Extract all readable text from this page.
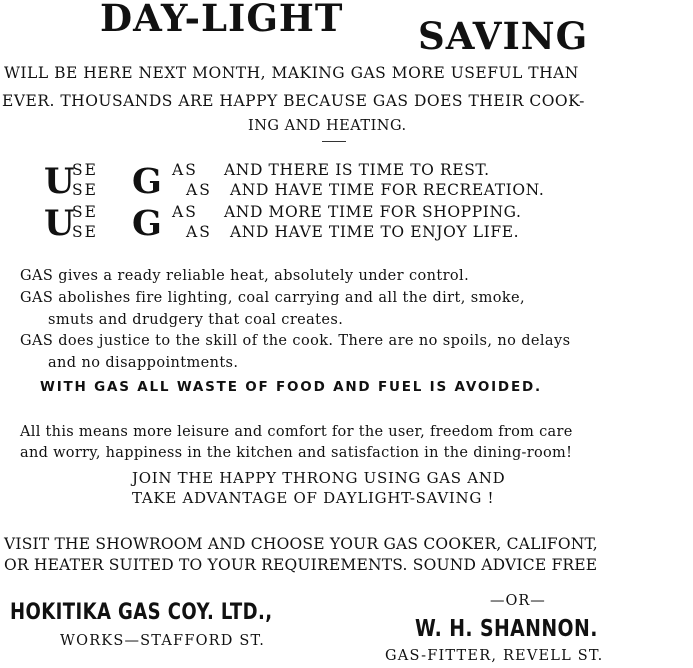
DAY-LIGHT SAVING
WILL BE HERE NEXT MONTH, MAKING GAS MORE USEFUL THAN
EVER. THOUSANDS ARE HAPPY BECAUSE GAS DOES THEIR COOK-
ING AND HEATING.
U
SE
SE G AS
AS
AND THERE IS TIME TO REST.
AND HAVE TIME FOR RECREATION.
U
SE
SE G AS
AS
AND MORE TIME FOR SHOPPING.
AND HAVE TIME TO ENJOY LIFE.
GAS gives a ready reliable heat, absolutely under control.
GAS abolishes fire lighting, coal carrying and all the dirt, smoke,
smuts and drudgery that coal creates.
GAS does justice to the skill of the cook. There are no spoils, no delays
and no disappointments.
WITH GAS ALL WASTE OF FOOD AND FUEL IS AVOIDED.
All this means more leisure and comfort for the user, freedom from care
and worry, happiness in the kitchen and satisfaction in the dining-room!
JOIN THE HAPPY THRONG USING GAS AND
TAKE ADVANTAGE OF DAYLIGHT-SAVING !
VISIT THE SHOWROOM AND CHOOSE YOUR GAS COOKER, CALIFONT,
OR HEATER SUITED TO YOUR REQUIREMENTS. SOUND ADVICE FREE
—OR—
HOKITIKA GAS COY. LTD.,
WORKS—STAFFORD ST.	W. H. SHANNON.
GAS-FITTER, REVELL ST.
